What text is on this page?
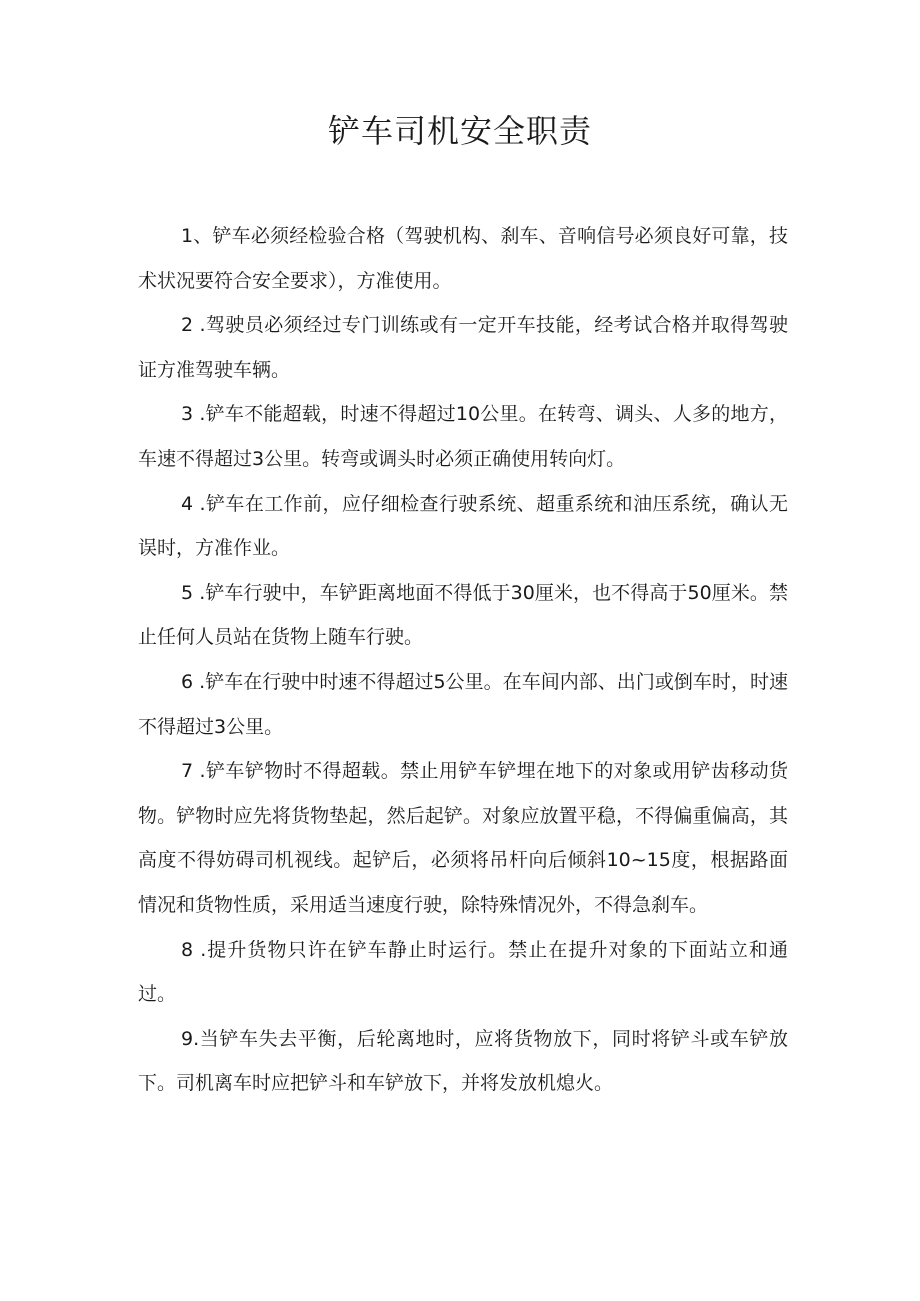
铲车司机安全职责

1、铲车必须经检验合格（驾驶机构、刹车、音响信号必须良好可靠，技术状况要符合安全要求），方准使用。

2 .驾驶员必须经过专门训练或有一定开车技能，经考试合格并取得驾驶证方准驾驶车辆。

3 .铲车不能超载，时速不得超过10公里。在转弯、调头、人多的地方，车速不得超过3公里。转弯或调头时必须正确使用转向灯。

4 .铲车在工作前，应仔细检查行驶系统、超重系统和油压系统，确认无误时，方准作业。

5 .铲车行驶中，车铲距离地面不得低于30厘米，也不得高于50厘米。禁止任何人员站在货物上随车行驶。

6 .铲车在行驶中时速不得超过5公里。在车间内部、出门或倒车时，时速不得超过3公里。

7 .铲车铲物时不得超载。禁止用铲车铲埋在地下的对象或用铲齿移动货物。铲物时应先将货物垫起，然后起铲。对象应放置平稳，不得偏重偏高，其高度不得妨碍司机视线。起铲后，必须将吊杆向后倾斜10~15度，根据路面情况和货物性质，采用适当速度行驶，除特殊情况外，不得急刹车。

8 .提升货物只许在铲车静止时运行。禁止在提升对象的下面站立和通过。

9.当铲车失去平衡，后轮离地时，应将货物放下，同时将铲斗或车铲放下。司机离车时应把铲斗和车铲放下，并将发放机熄火。
